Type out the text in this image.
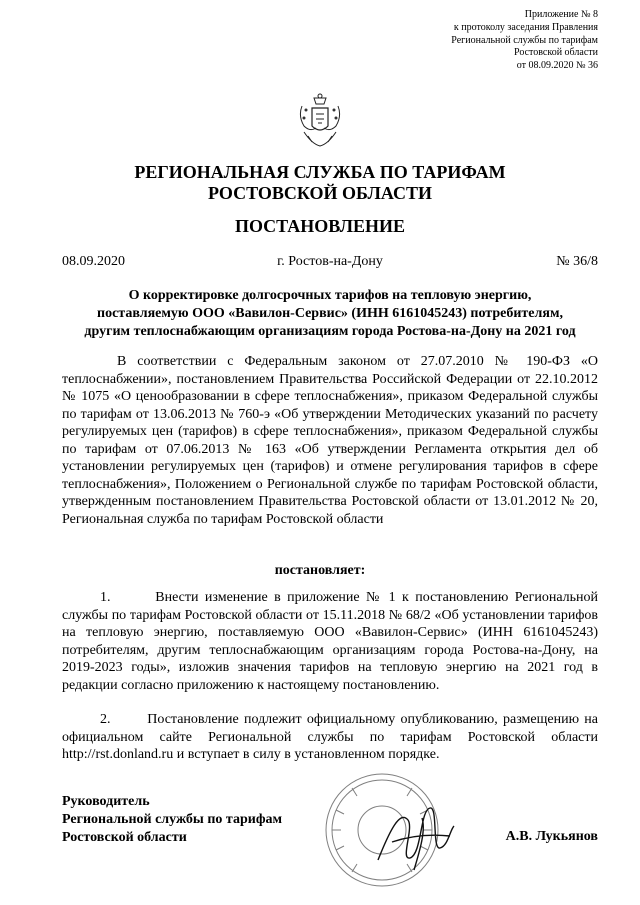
Приложение № 8
к протоколу заседания Правления
Региональной службы по тарифам
Ростовской области
от 08.09.2020 № 36
РЕГИОНАЛЬНАЯ СЛУЖБА ПО ТАРИФАМ
РОСТОВСКОЙ ОБЛАСТИ
ПОСТАНОВЛЕНИЕ
08.09.2020	г. Ростов-на-Дону	№ 36/8
О корректировке долгосрочных тарифов на тепловую энергию,
поставляемую ООО «Вавилон-Сервис» (ИНН 6161045243) потребителям,
другим теплоснабжающим организациям города Ростова-на-Дону на 2021 год
В соответствии с Федеральным законом от 27.07.2010 № 190-ФЗ «О теплоснабжении», постановлением Правительства Российской Федерации от 22.10.2012 № 1075 «О ценообразовании в сфере теплоснабжения», приказом Федеральной службы по тарифам от 13.06.2013 № 760-э «Об утверждении Методических указаний по расчету регулируемых цен (тарифов) в сфере теплоснабжения», приказом Федеральной службы по тарифам от 07.06.2013 № 163 «Об утверждении Регламента открытия дел об установлении регулируемых цен (тарифов) и отмене регулирования тарифов в сфере теплоснабжения», Положением о Региональной службе по тарифам Ростовской области, утвержденным постановлением Правительства Ростовской области от 13.01.2012 № 20, Региональная служба по тарифам Ростовской области
постановляет:
1.	Внести изменение в приложение № 1 к постановлению Региональной службы по тарифам Ростовской области от 15.11.2018 № 68/2 «Об установлении тарифов на тепловую энергию, поставляемую ООО «Вавилон-Сервис» (ИНН 6161045243) потребителям, другим теплоснабжающим организациям города Ростова-на-Дону, на 2019-2023 годы», изложив значения тарифов на тепловую энергию на 2021 год в редакции согласно приложению к настоящему постановлению.
2.	Постановление подлежит официальному опубликованию, размещению на официальном сайте Региональной службы по тарифам Ростовской области http://rst.donland.ru и вступает в силу в установленном порядке.
Руководитель
Региональной службы по тарифам
Ростовской области	А.В. Лукьянов
